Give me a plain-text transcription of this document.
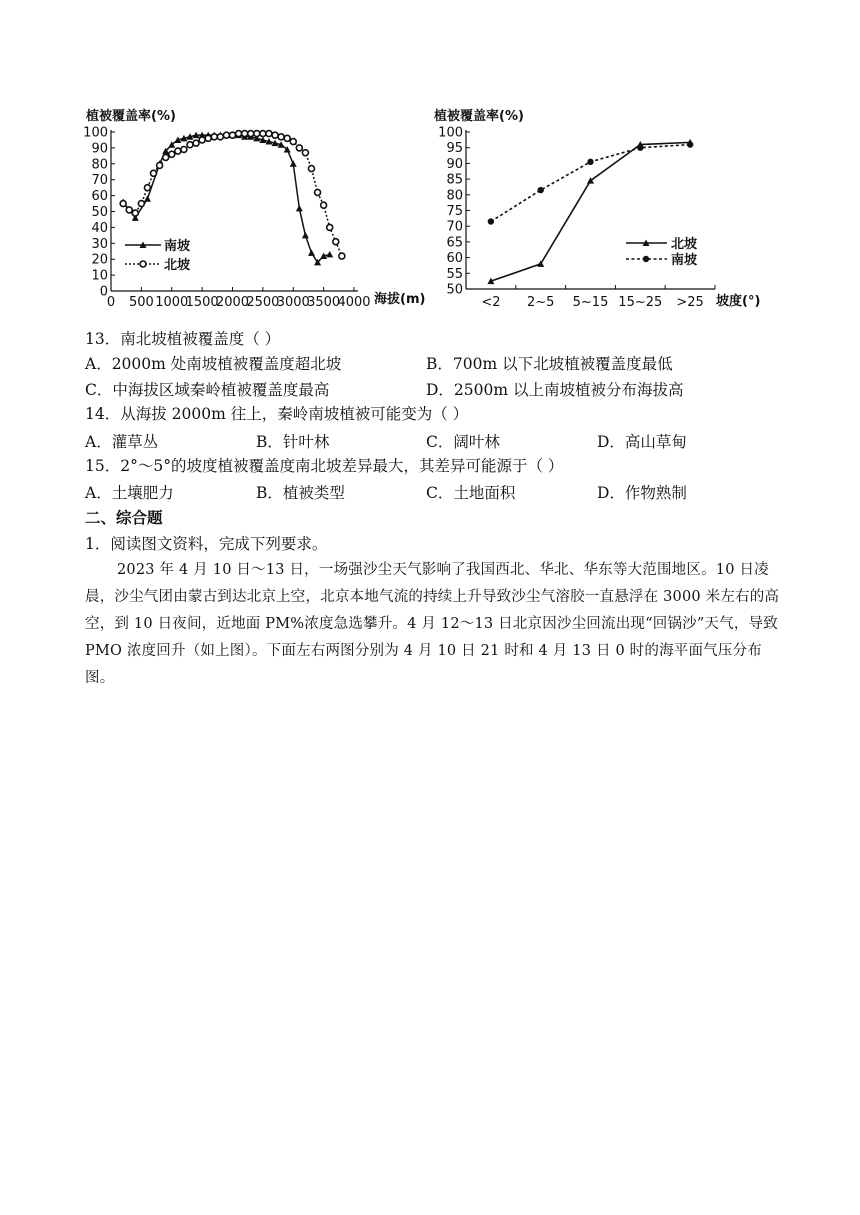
植被覆盖率(%)
海拔(m)
0
10
20
30
40
50
60
70
80
90
100
0 500 1000
1500
2000
2500
3000
3500
4000
南坡
北坡
植被覆盖率(%)
坡度(°)
50
55
60
65
70
75
80
85
90
95
100
<2 2~5 5~15 15~25 >25
北坡
南坡
13．南北坡植被覆盖度（ ）
A．2000m 处南坡植被覆盖度超北坡	B．700m 以下北坡植被覆盖度最低
C．中海拔区域秦岭植被覆盖度最高	D．2500m 以上南坡植被分布海拔高
14．从海拔 2000m 往上，秦岭南坡植被可能变为（ ）
A．灌草丛	B．针叶林	C．阔叶林	D．高山草甸
15．2°～5°的坡度植被覆盖度南北坡差异最大，其差异可能源于（ ）
A．土壤肥力	B．植被类型	C．土地面积	D．作物熟制
二、综合题
1．阅读图文资料，完成下列要求。
2023 年 4 月 10 日～13 日，一场强沙尘天气影响了我国西北、华北、华东等大范围地区。10 日凌晨，沙尘气团由蒙古到达北京上空，北京本地气流的持续上升导致沙尘气溶胶一直悬浮在 3000 米左右的高空，到 10 日夜间，近地面 PM%浓度急选攀升。4 月 12～13 日北京因沙尘回流出现“回锅沙”天气，导致 PMO 浓度回升（如上图）。下面左右两图分别为 4 月 10 日 21 时和 4 月 13 日 0 时的海平面气压分布图。
